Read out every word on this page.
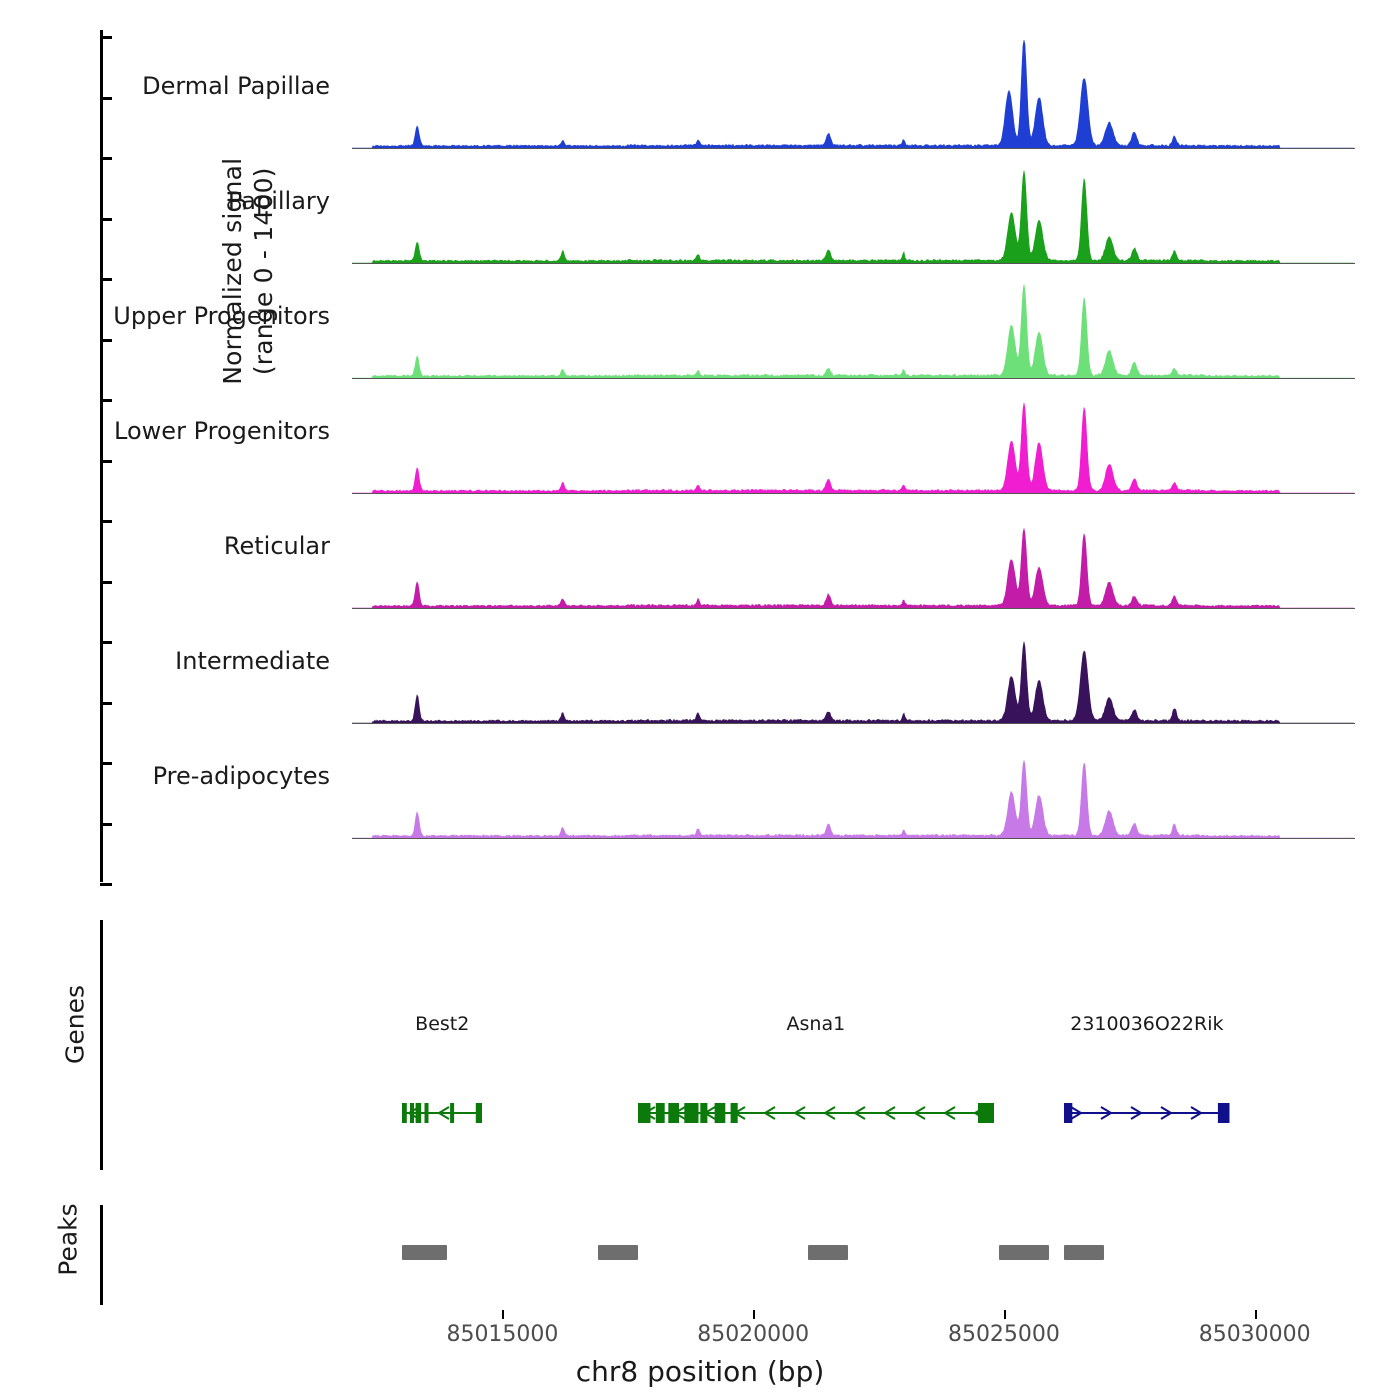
Normalized signal (range 0 - 1400)
Genes
Peaks
Dermal Papillae
Papillary
Upper Progenitors
Lower Progenitors
Reticular
Intermediate
Pre-adipocytes
Best2	Asna1	2310036O22Rik
85015000	85020000	85025000	85030000
chr8 position (bp)
